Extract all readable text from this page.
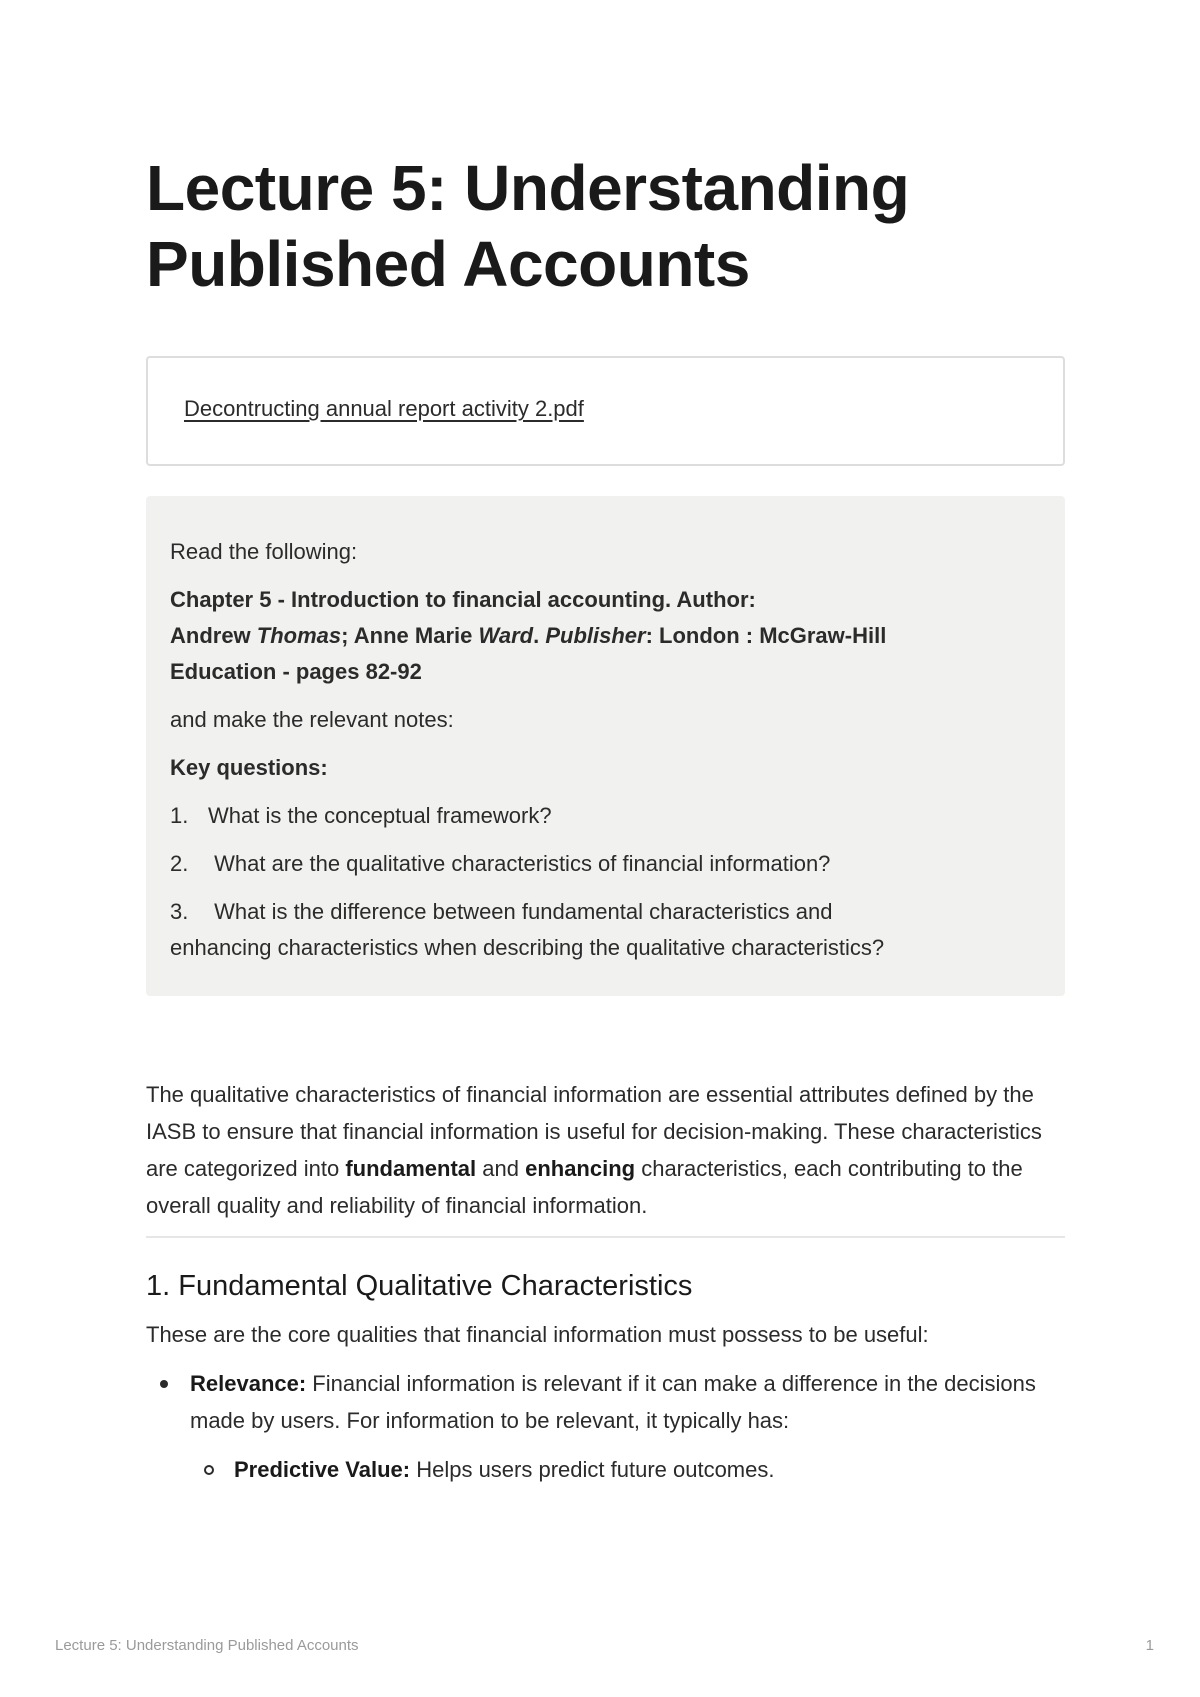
Lecture 5: Understanding
Published Accounts
Decontructing annual report activity 2.pdf

Read the following:

Chapter 5 - Introduction to financial accounting. Author:
Andrew Thomas; Anne Marie Ward. Publisher: London : McGraw-Hill
Education - pages 82-92

and make the relevant notes:

Key questions:

1. What is the conceptual framework?

2. What are the qualitative characteristics of financial information?

3. What is the difference between fundamental characteristics and
enhancing characteristics when describing the qualitative characteristics?

The qualitative characteristics of financial information are essential attributes defined by the IASB to ensure that financial information is useful for decision-making. These characteristics are categorized into fundamental and enhancing characteristics, each contributing to the overall quality and reliability of financial information.
1. Fundamental Qualitative Characteristics
These are the core qualities that financial information must possess to be useful:
Relevance: Financial information is relevant if it can make a difference in the decisions made by users. For information to be relevant, it typically has:
Predictive Value: Helps users predict future outcomes.
Lecture 5: Understanding Published Accounts	1
